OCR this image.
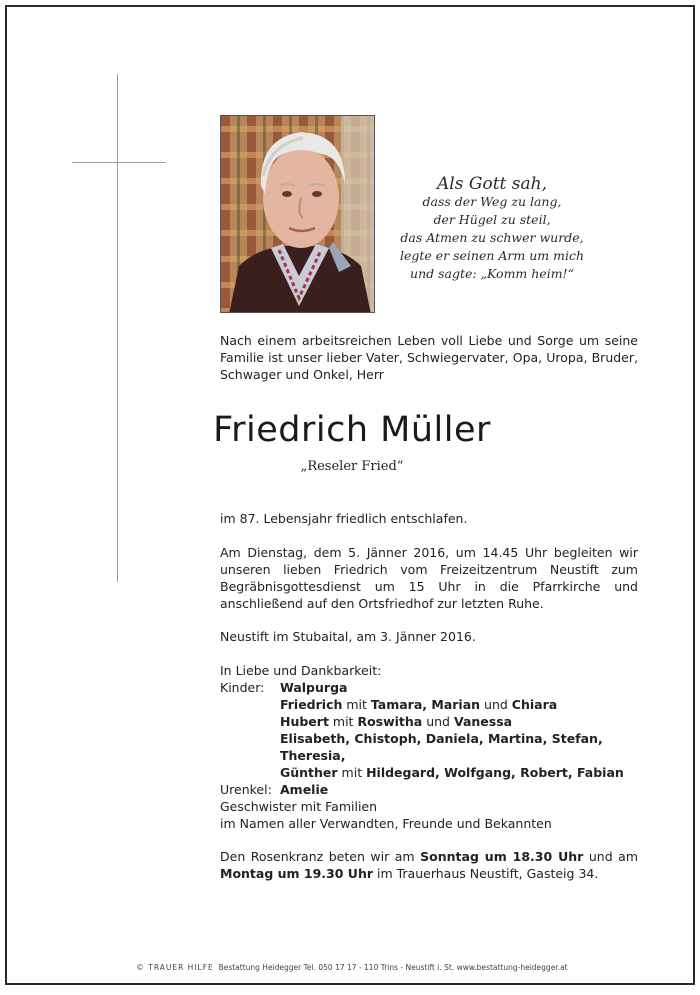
Als Gott sah,
dass der Weg zu lang,
der Hügel zu steil,
das Atmen zu schwer wurde,
legte er seinen Arm um mich
und sagte: „Komm heim!“
Nach einem arbeitsreichen Leben voll Liebe und Sorge um seine Familie ist unser lieber Vater, Schwiegervater, Opa, Uropa, Bruder, Schwager und Onkel, Herr
Friedrich Müller
„Reseler Fried“
im 87. Lebensjahr friedlich entschlafen.
Am Dienstag, dem 5. Jänner 2016, um 14.45 Uhr begleiten wir unseren lieben Friedrich vom Freizeitzentrum Neustift zum Begräbnisgottesdienst um 15 Uhr in die Pfarrkirche und anschließend auf den Ortsfriedhof zur letzten Ruhe.
Neustift im Stubaital, am 3. Jänner 2016.
In Liebe und Dankbarkeit:
Kinder:	Walpurga
Friedrich mit Tamara, Marian und Chiara
Hubert mit Roswitha und Vanessa
Elisabeth, Chistoph, Daniela, Martina, Stefan, Theresia,
Günther mit Hildegard, Wolfgang, Robert, Fabian
Urenkel: Amelie
Geschwister mit Familien
im Namen aller Verwandten, Freunde und Bekannten
Den Rosenkranz beten wir am Sonntag um 18.30 Uhr und am Montag um 19.30 Uhr im Trauerhaus Neustift, Gasteig 34.
© TRAUER HILFE Bestattung Heidegger Tel. 050 17 17 - 110 Trins - Neustift i. St. www.bestattung-heidegger.at
